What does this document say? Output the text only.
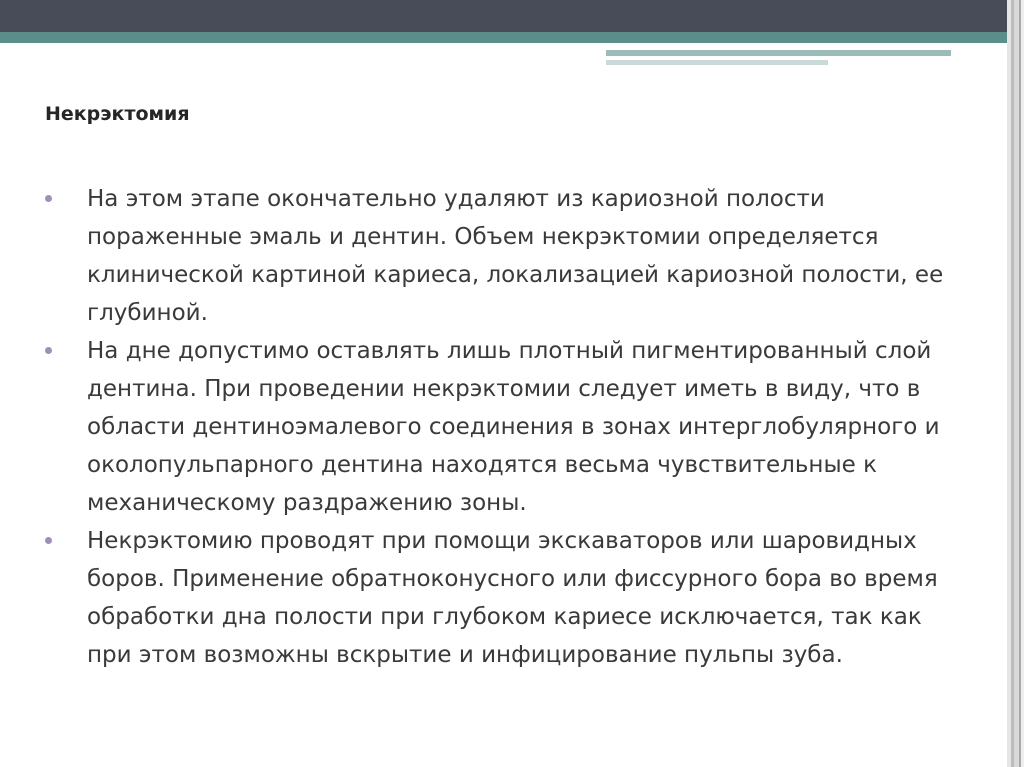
Некрэктомия
На этом этапе окончательно удаляют из кариозной полости пораженные эмаль и дентин. Объем некрэктомии определяется клинической картиной кариеса, локализацией кариозной полости, ее глубиной.
На дне допустимо оставлять лишь плотный пигментированный слой дентина. При проведении некрэктомии следует иметь в виду, что в области дентиноэмалевого соединения в зонах интерглобулярного и околопульпарного дентина находятся весьма чувствительные к механическому раздражению зоны.
Некрэктомию проводят при помощи экскаваторов или шаровидных боров. Применение обратноконусного или фиссурного бора во время обработки дна полости при глубоком кариесе исключается, так как при этом возможны вскрытие и инфицирование пульпы зуба.
